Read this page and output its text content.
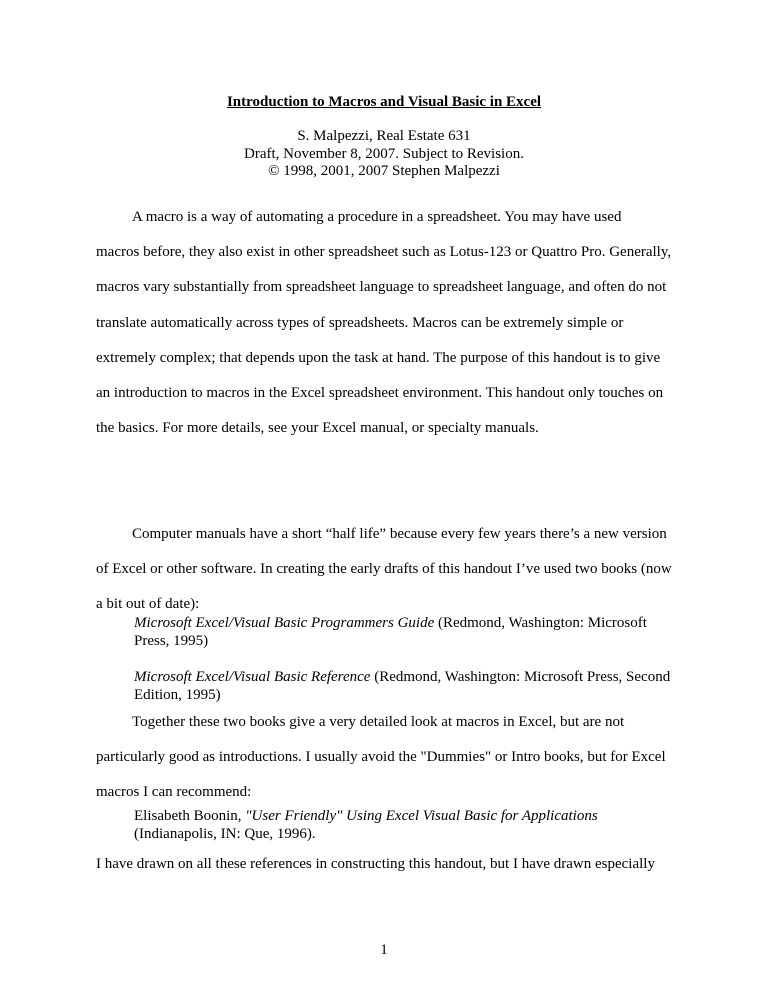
Introduction to Macros and Visual Basic in Excel
S. Malpezzi, Real Estate 631
Draft, November 8, 2007. Subject to Revision.
© 1998, 2001, 2007 Stephen Malpezzi
A macro is a way of automating a procedure in a spreadsheet. You may have used
macros before, they also exist in other spreadsheet such as Lotus-123 or Quattro Pro. Generally,
macros vary substantially from spreadsheet language to spreadsheet language, and often do not
translate automatically across types of spreadsheets. Macros can be extremely simple or
extremely complex; that depends upon the task at hand. The purpose of this handout is to give
an introduction to macros in the Excel spreadsheet environment. This handout only touches on
the basics. For more details, see your Excel manual, or specialty manuals.
Computer manuals have a short “half life” because every few years there’s a new version
of Excel or other software. In creating the early drafts of this handout I’ve used two books (now
a bit out of date):
Microsoft Excel/Visual Basic Programmers Guide (Redmond, Washington: Microsoft
Press, 1995)
Microsoft Excel/Visual Basic Reference (Redmond, Washington: Microsoft Press, Second
Edition, 1995)
Together these two books give a very detailed look at macros in Excel, but are not
particularly good as introductions. I usually avoid the "Dummies" or Intro books, but for Excel
macros I can recommend:
Elisabeth Boonin, "User Friendly" Using Excel Visual Basic for Applications
(Indianapolis, IN: Que, 1996).
I have drawn on all these references in constructing this handout, but I have drawn especially
1
